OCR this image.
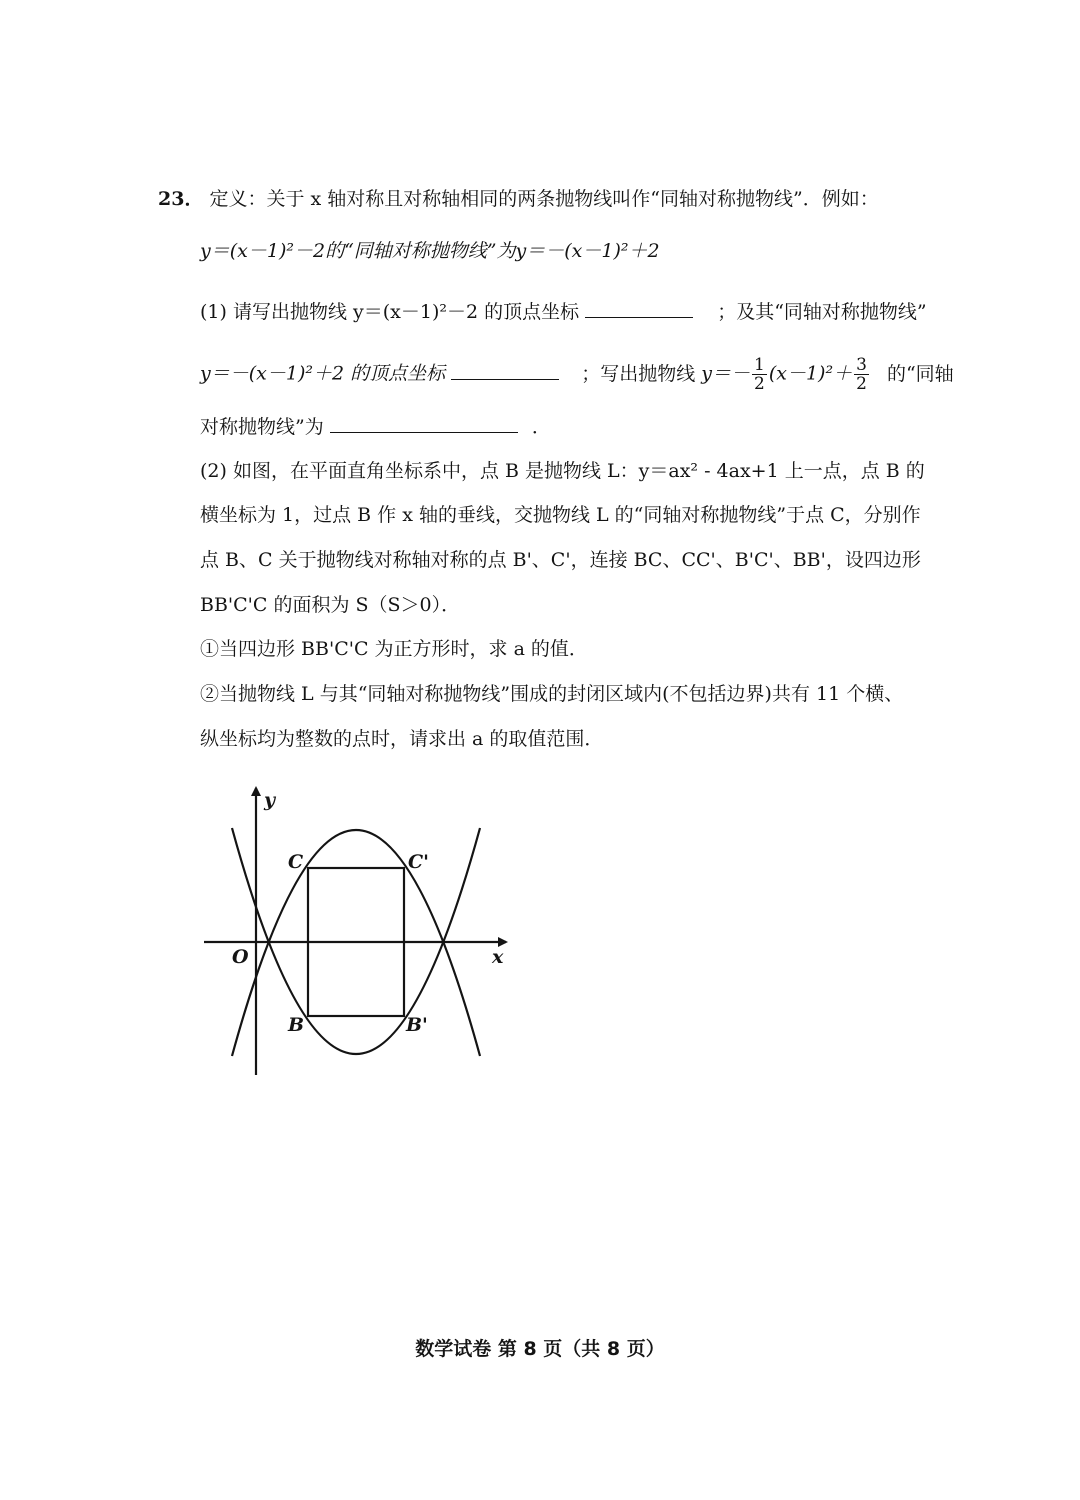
23． 定义：关于 x 轴对称且对称轴相同的两条抛物线叫作“同轴对称抛物线”．例如：
y＝(x－1)²－2的“同轴对称抛物线”为y＝－(x－1)²＋2
(1) 请写出抛物线 y＝(x－1)²－2 的顶点坐标	；及其“同轴对称抛物线”
y＝－(x－1)²＋2 的顶点坐标	；写出抛物线 $y=- \frac{1}{2} (x-1)^2+ \frac{3}{2}$ 的“同轴
对称抛物线”为	．
(2) 如图，在平面直角坐标系中，点 B 是抛物线 L：y＝ax² - 4ax+1 上一点，点 B 的
横坐标为 1，过点 B 作 x 轴的垂线，交抛物线 L 的“同轴对称抛物线”于点 C，分别作
点 B、C 关于抛物线对称轴对称的点 B'、C'，连接 BC、CC'、B'C'、BB'，设四边形
BB'C'C 的面积为 S（S＞0）．
①当四边形 BB'C'C 为正方形时，求 a 的值．
②当抛物线 L 与其“同轴对称抛物线”围成的封闭区域内(不包括边界)共有 11 个横、
纵坐标均为整数的点时，请求出 a 的取值范围．
y
x
O
C	C'
B	B'
数学试卷 第 8 页（共 8 页）
